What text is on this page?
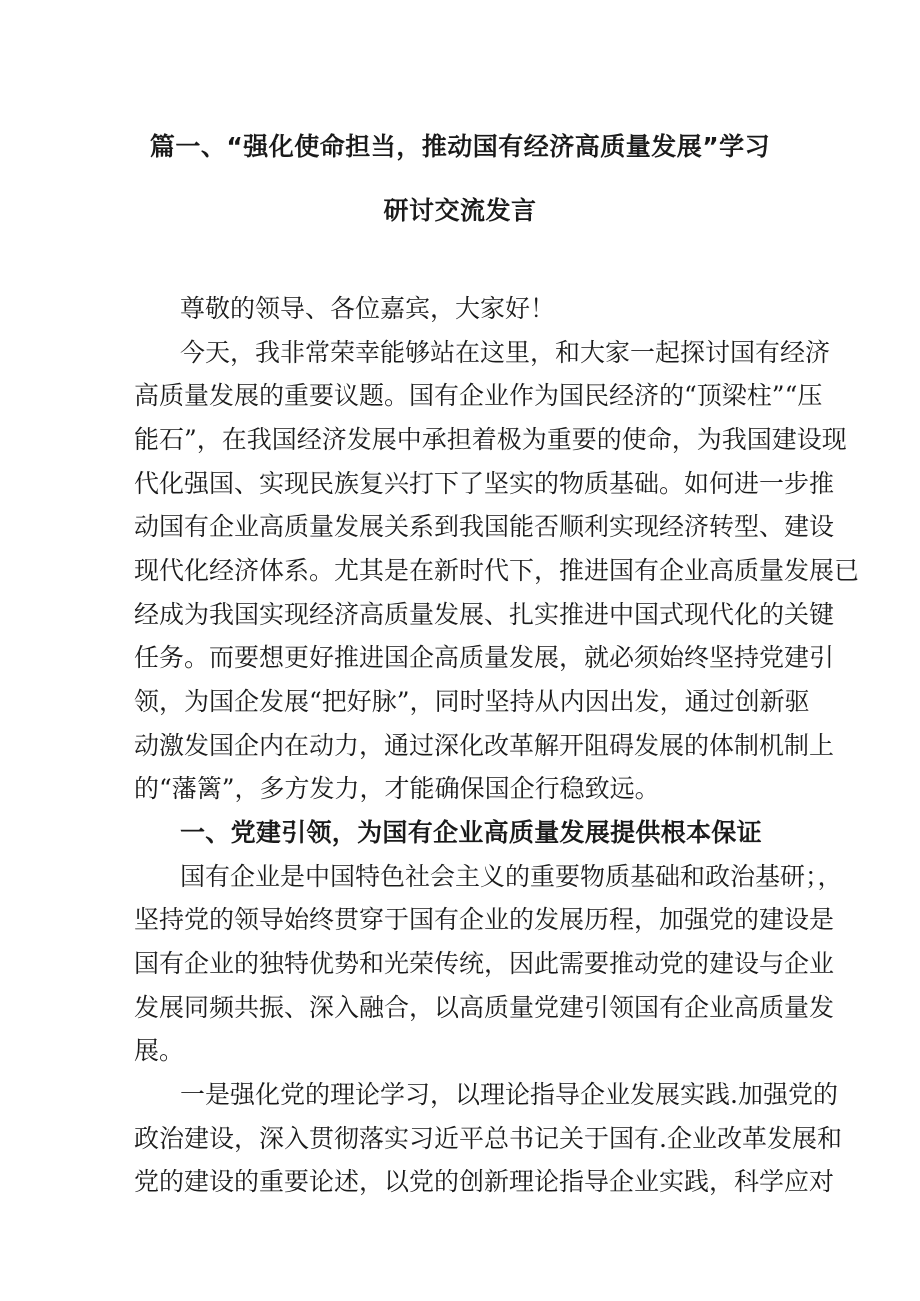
篇一、“强化使命担当，推动国有经济高质量发展”学习
研讨交流发言
尊敬的领导、各位嘉宾，大家好！
今天，我非常荣幸能够站在这里，和大家一起探讨国有经济
高质量发展的重要议题。国有企业作为国民经济的“顶梁柱”“压
能石”，在我国经济发展中承担着极为重要的使命，为我国建设现
代化强国、实现民族复兴打下了坚实的物质基础。如何进一步推
动国有企业高质量发展关系到我国能否顺利实现经济转型、建设
现代化经济体系。尤其是在新时代下，推进国有企业高质量发展已
经成为我国实现经济高质量发展、扎实推进中国式现代化的关键
任务。而要想更好推进国企高质量发展，就必须始终坚持党建引
领，为国企发展“把好脉”，同时坚持从内因出发，通过创新驱
动激发国企内在动力，通过深化改革解开阻碍发展的体制机制上
的“藩篱”，多方发力，才能确保国企行稳致远。
一、党建引领，为国有企业高质量发展提供根本保证
国有企业是中国特色社会主义的重要物质基础和政治基研；，
坚持党的领导始终贯穿于国有企业的发展历程，加强党的建设是
国有企业的独特优势和光荣传统，因此需要推动党的建设与企业
发展同频共振、深入融合，以高质量党建引领国有企业高质量发
展。
一是强化党的理论学习，以理论指导企业发展实践.加强党的
政治建设，深入贯彻落实习近平总书记关于国有.企业改革发展和
党的建设的重要论述，以党的创新理论指导企业实践，科学应对
